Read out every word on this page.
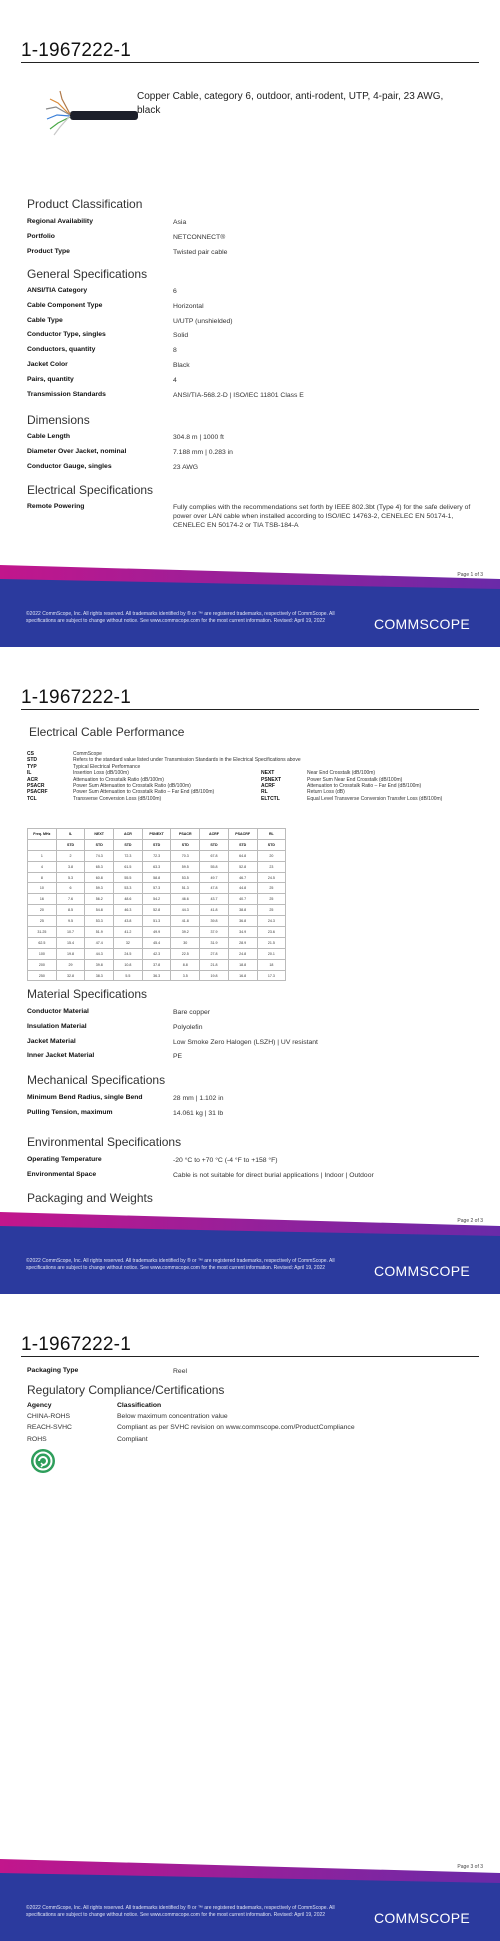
1-1967222-1
Copper Cable, category 6, outdoor, anti-rodent, UTP, 4-pair, 23 AWG, black
Product Classification
Regional Availability	Asia
Portfolio	NETCONNECT®
Product Type	Twisted pair cable
General Specifications
ANSI/TIA Category	6
Cable Component Type	Horizontal
Cable Type	U/UTP (unshielded)
Conductor Type, singles	Solid
Conductors, quantity	8
Jacket Color	Black
Pairs, quantity	4
Transmission Standards	ANSI/TIA-568.2-D | ISO/IEC 11801 Class E
Dimensions
Cable Length	304.8 m | 1000 ft
Diameter Over Jacket, nominal	7.188 mm | 0.283 in
Conductor Gauge, singles	23 AWG
Electrical Specifications
Remote Powering	Fully complies with the recommendations set forth by IEEE 802.3bt (Type 4) for the safe delivery of power over LAN cable when installed according to ISO/IEC 14763-2, CENELEC EN 50174-1, CENELEC EN 50174-2 or TIA TSB-184-A
Page 1 of 3
©2022 CommScope, Inc. All rights reserved. All trademarks identified by ® or ™ are registered trademarks, respectively of CommScope. All specifications are subject to change without notice. See www.commscope.com for the most current information. Revised: April 19, 2022	COMMSCOPE
1-1967222-1
Electrical Cable Performance
CS	CommScope
STD	Refers to the standard value listed under Transmission Standards in the Electrical Specifications above
TYP	Typical Electrical Performance
IL	Insertion Loss (dB/100m)
ACR	Attenuation to Crosstalk Ratio (dB/100m)
PSACR	Power Sum Attenuation to Crosstalk Ratio (dB/100m)
PSACRF	Power Sum Attenuation to Crosstalk Ratio – Far End (dB/100m)
TCL	Transverse Conversion Loss (dB/100m)
NEXT	Near End Crosstalk (dB/100m)
PSNEXT	Power Sum Near End Crosstalk (dB/100m)
ACRF	Attenuation to Crosstalk Ratio – Far End (dB/100m)
RL	Return Loss (dB)
ELTCTL	Equal Level Transverse Conversion Transfer Loss (dB/100m)
Freq. MHz	IL	NEXT	ACR	PSNEXT	PSACR	ACRF	PSACRF	RL
	STD	STD	STD	STD	STD	STD	STD	STD
1	2	74.3	72.3	72.3	70.3	67.8	64.8	20
4	3.8	65.3	61.5	63.3	59.5	55.8	52.8	23
8	5.3	60.8	55.5	58.8	53.5	49.7	46.7	24.5
10	6	59.3	53.3	57.3	51.3	47.8	44.8	25
16	7.6	56.2	48.6	54.2	46.6	43.7	40.7	25
20	8.5	54.8	46.3	52.8	44.3	41.8	38.8	25
25	9.5	53.3	43.8	51.3	41.8	39.8	36.8	24.3
31.25	10.7	51.9	41.2	49.9	39.2	37.9	34.9	23.6
62.5	15.4	47.4	32	45.4	30	31.9	28.9	21.5
100	19.8	44.3	24.5	42.3	22.5	27.8	24.8	20.1
200	29	39.8	10.8	37.8	8.8	21.8	18.8	18
250	32.8	38.3	5.5	36.3	3.5	19.8	16.8	17.3
Material Specifications
Conductor Material	Bare copper
Insulation Material	Polyolefin
Jacket Material	Low Smoke Zero Halogen (LSZH) | UV resistant
Inner Jacket Material	PE
Mechanical Specifications
Minimum Bend Radius, single Bend	28 mm | 1.102 in
Pulling Tension, maximum	14.061 kg | 31 lb
Environmental Specifications
Operating Temperature	-20 °C to +70 °C (-4 °F to +158 °F)
Environmental Space	Cable is not suitable for direct burial applications | Indoor | Outdoor
Packaging and Weights
Page 2 of 3
©2022 CommScope, Inc. All rights reserved. All trademarks identified by ® or ™ are registered trademarks, respectively of CommScope. All specifications are subject to change without notice. See www.commscope.com for the most current information. Revised: April 19, 2022	COMMSCOPE
1-1967222-1
Packaging Type	Reel
Regulatory Compliance/Certifications
Agency	Classification
CHINA-ROHS	Below maximum concentration value
REACH-SVHC	Compliant as per SVHC revision on www.commscope.com/ProductCompliance
ROHS	Compliant
Page 3 of 3
©2022 CommScope, Inc. All rights reserved. All trademarks identified by ® or ™ are registered trademarks, respectively of CommScope. All specifications are subject to change without notice. See www.commscope.com for the most current information. Revised: April 19, 2022	COMMSCOPE
